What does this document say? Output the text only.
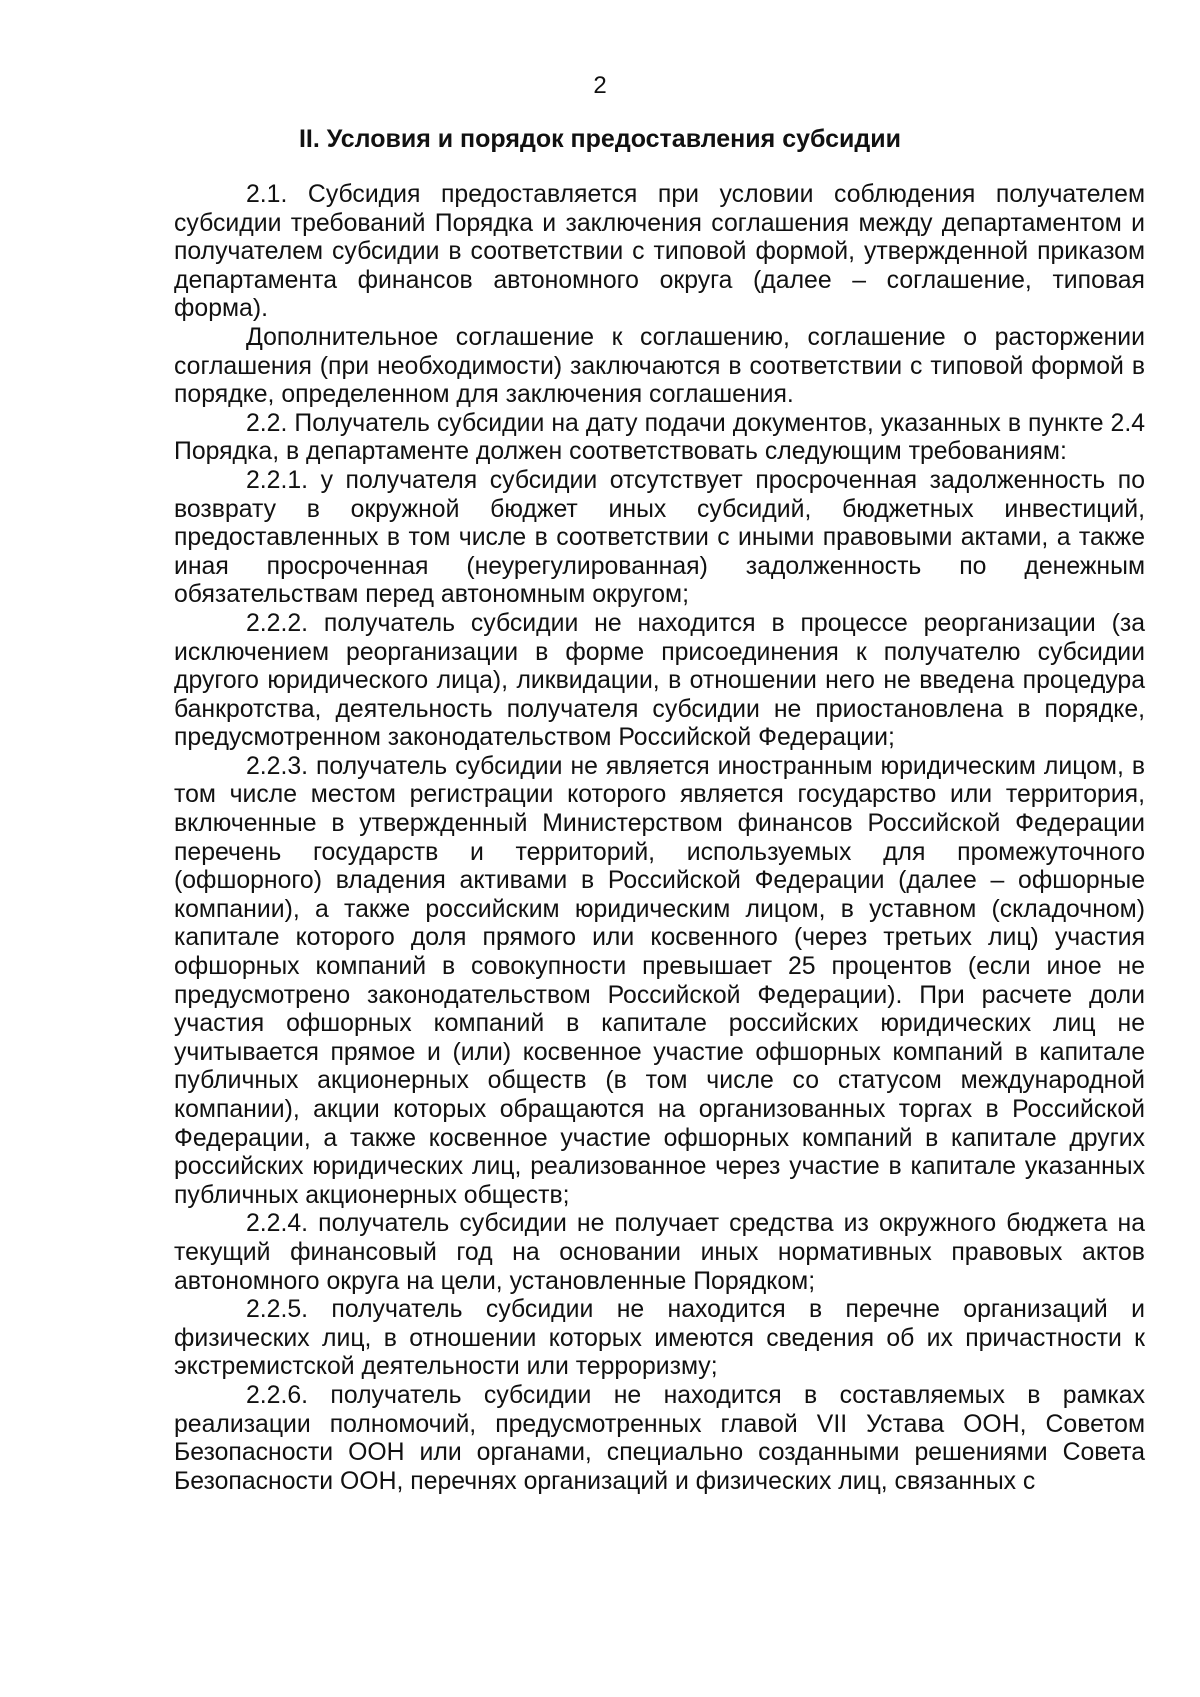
2
II. Условия и порядок предоставления субсидии

2.1. Субсидия предоставляется при условии соблюдения получателем субсидии требований Порядка и заключения соглашения между департаментом и получателем субсидии в соответствии с типовой формой, утвержденной приказом департамента финансов автономного округа (далее – соглашение, типовая форма).

Дополнительное соглашение к соглашению, соглашение о расторжении соглашения (при необходимости) заключаются в соответствии с типовой формой в порядке, определенном для заключения соглашения.

2.2. Получатель субсидии на дату подачи документов, указанных в пункте 2.4 Порядка, в департаменте должен соответствовать следующим требованиям:

2.2.1. у получателя субсидии отсутствует просроченная задолженность по возврату в окружной бюджет иных субсидий, бюджетных инвестиций, предоставленных в том числе в соответствии с иными правовыми актами, а также иная просроченная (неурегулированная) задолженность по денежным обязательствам перед автономным округом;

2.2.2. получатель субсидии не находится в процессе реорганизации (за исключением реорганизации в форме присоединения к получателю субсидии другого юридического лица), ликвидации, в отношении него не введена процедура банкротства, деятельность получателя субсидии не приостановлена в порядке, предусмотренном законодательством Российской Федерации;

2.2.3. получатель субсидии не является иностранным юридическим лицом, в том числе местом регистрации которого является государство или территория, включенные в утвержденный Министерством финансов Российской Федерации перечень государств и территорий, используемых для промежуточного (офшорного) владения активами в Российской Федерации (далее – офшорные компании), а также российским юридическим лицом, в уставном (складочном) капитале которого доля прямого или косвенного (через третьих лиц) участия офшорных компаний в совокупности превышает 25 процентов (если иное не предусмотрено законодательством Российской Федерации). При расчете доли участия офшорных компаний в капитале российских юридических лиц не учитывается прямое и (или) косвенное участие офшорных компаний в капитале публичных акционерных обществ (в том числе со статусом международной компании), акции которых обращаются на организованных торгах в Российской Федерации, а также косвенное участие офшорных компаний в капитале других российских юридических лиц, реализованное через участие в капитале указанных публичных акционерных обществ;

2.2.4. получатель субсидии не получает средства из окружного бюджета на текущий финансовый год на основании иных нормативных правовых актов автономного округа на цели, установленные Порядком;

2.2.5. получатель субсидии не находится в перечне организаций и физических лиц, в отношении которых имеются сведения об их причастности к экстремистской деятельности или терроризму;

2.2.6. получатель субсидии не находится в составляемых в рамках реализации полномочий, предусмотренных главой VII Устава ООН, Советом Безопасности ООН или органами, специально созданными решениями Совета Безопасности ООН, перечнях организаций и физических лиц, связанных с
